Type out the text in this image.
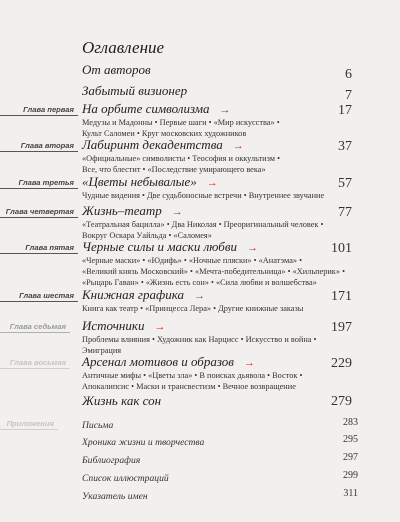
Оглавление
От авторов	6
Забытый визионер	7
Глава первая На орбите символизма →	17
Медузы и Мадонны • Первые шаги • «Мир искусства» •
Культ Саломеи • Круг московских художников
Глава вторая Лабиринт декадентства →	37
«Официальные» символисты • Теософия и оккультизм •
Все, что блестит • «Последствие умирающего века»
Глава третья «Цветы небывалые» →	57
Чудные видения • Две судьбоносные встречи • Внутреннее звучание
Глава четвертая Жизнь–театр →	77
«Театральная бацилла» • Два Николая • Преоригинальный человек •
Вокруг Оскара Уайльда • «Саломея»
Глава пятая Черные силы и маски любви →	101
«Черные маски» • «Юдифь» • «Ночные пляски» • «Анатэма» •
«Великий князь Московский» • «Мечта-победительница» • «Хильперик» •
«Рыцарь Гаван» • «Жизнь есть сон» • «Сила любви и волшебства»
Глава шестая Книжная графика →	171
Книга как театр • «Принцесса Лера» • Другие книжные заказы
Глава седьмая	Источники →	197
Проблемы влияния • Художник как Нарцисс • Искусство и война •
Эмиграция
Глава восьмая	Арсенал мотивов и образов →	229
Античные мифы • «Цветы зла» • В поисках дьявола • Восток •
Апокалипсис • Маски и трансвестизм • Вечное возвращение
Жизнь как сон	279
Приложения	Письма	283
Хроника жизни и творчества	295
Библиография	297
Список иллюстраций	299
Указатель имен	311
